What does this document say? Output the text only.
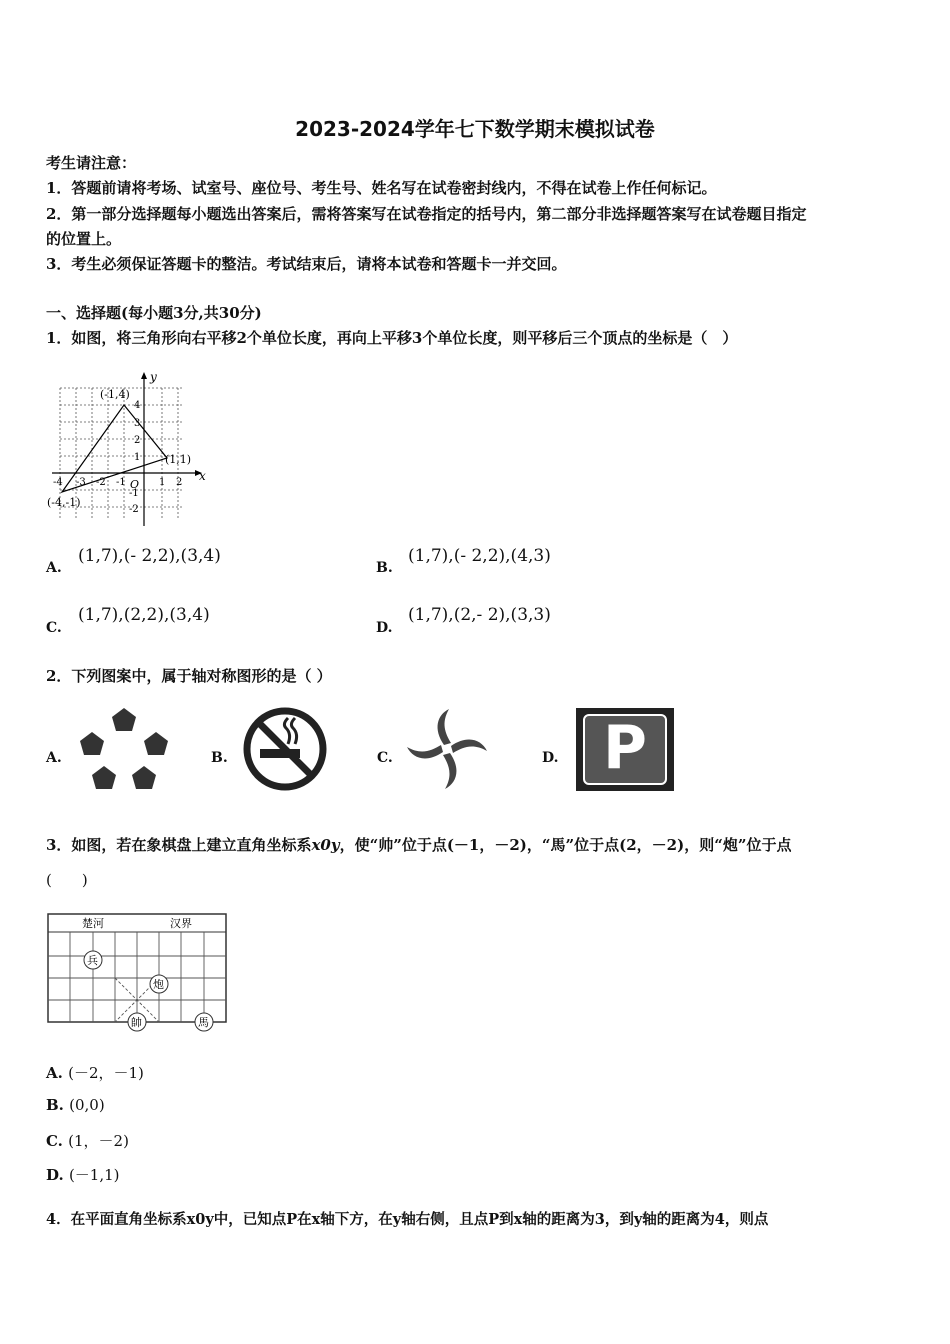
2023-2024学年七下数学期末模拟试卷
考生请注意：
1．答题前请将考场、试室号、座位号、考生号、姓名写在试卷密封线内，不得在试卷上作任何标记。
2．第一部分选择题每小题选出答案后，需将答案写在试卷指定的括号内，第二部分非选择题答案写在试卷题目指定
的位置上。
3．考生必须保证答题卡的整洁。考试结束后，请将本试卷和答题卡一并交回。
一、选择题(每小题3分,共30分)
1．如图，将三角形向右平移2个单位长度，再向上平移3个单位长度，则平移后三个顶点的坐标是（　）
y
x
O
(-1,4)
(1,1)
(-4,-1)
-4 -3 -2 -1	1 2
4
3
2
1
-1
-2
A.
(1,7),(- 2,2),(3,4)
B.
(1,7),(- 2,2),(4,3)
C.
(1,7),(2,2),(3,4)
D.
(1,7),(2,- 2),(3,3)
2．下列图案中，属于轴对称图形的是（ ）
A.	B.	C.	D. P
3．如图，若在象棋盘上建立直角坐标系x0y，使“帅”位于点(－1，－2)，“馬”位于点(2，－2)，则“炮”位于点
(　　)
楚河	汉界
兵
炮
帥	馬
A. (－2，－1)
B. (0,0)
C. (1，－2)
D. (－1,1)
4．在平面直角坐标系x0y中，已知点P在x轴下方，在y轴右侧，且点P到x轴的距离为3，到y轴的距离为4，则点
